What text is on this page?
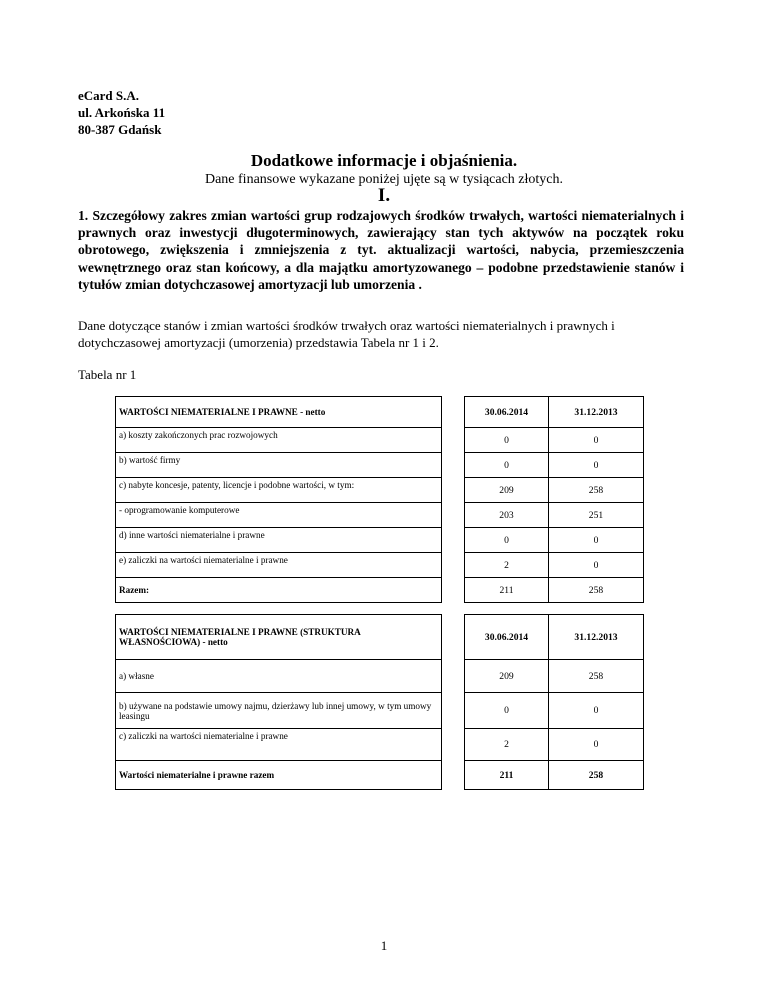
eCard S.A.
ul. Arkońska 11
80-387 Gdańsk
Dodatkowe informacje i objaśnienia.
Dane finansowe wykazane poniżej ujęte są w tysiącach złotych.
I.
1. Szczegółowy zakres zmian wartości grup rodzajowych środków trwałych, wartości niematerialnych i prawnych oraz inwestycji długoterminowych, zawierający stan tych aktywów na początek roku obrotowego, zwiększenia i zmniejszenia z tyt. aktualizacji wartości, nabycia, przemieszczenia wewnętrznego oraz stan końcowy, a dla majątku amortyzowanego – podobne przedstawienie stanów i tytułów zmian dotychczasowej amortyzacji lub umorzenia .
Dane dotyczące stanów i zmian wartości środków trwałych oraz wartości niematerialnych i prawnych i dotychczasowej amortyzacji (umorzenia) przedstawia Tabela nr 1 i 2.
Tabela nr 1
WARTOŚCI NIEMATERIALNE I PRAWNE - netto		30.06.2014	31.12.2013
a) koszty zakończonych prac rozwojowych		0	0
b) wartość firmy		0	0
c) nabyte koncesje, patenty, licencje i podobne wartości, w tym:		209	258
- oprogramowanie komputerowe		203	251
d) inne wartości niematerialne i prawne		0	0
e) zaliczki na wartości niematerialne i prawne		2	0
Razem:		211	258
WARTOŚCI NIEMATERIALNE I PRAWNE (STRUKTURA WŁASNOŚCIOWA) - netto		30.06.2014	31.12.2013
a) własne		209	258
b) używane na podstawie umowy najmu, dzierżawy lub innej umowy, w tym umowy leasingu		0	0
c) zaliczki na wartości niematerialne i prawne		2	0
Wartości niematerialne i prawne razem		211	258
1
